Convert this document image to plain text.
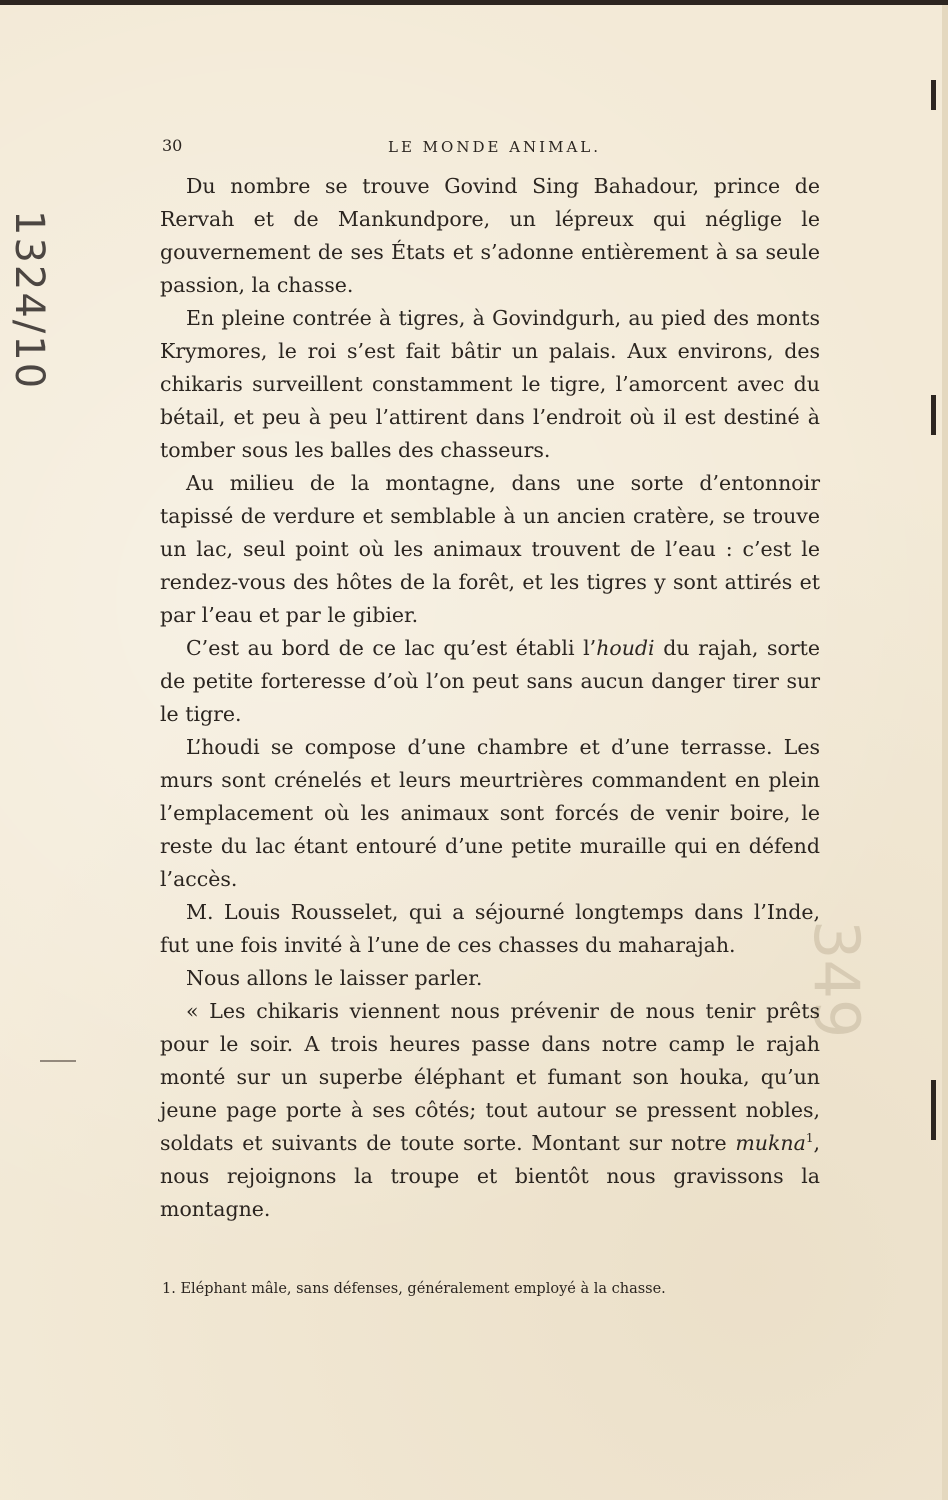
1324/10
349
30	LE MONDE ANIMAL.

Du nombre se trouve Govind Sing Bahadour, prince de Rervah et de Mankundpore, un lépreux qui néglige le gouvernement de ses États et s’adonne entièrement à sa seule passion, la chasse.

En pleine contrée à tigres, à Govindgurh, au pied des monts Krymores, le roi s’est fait bâtir un palais. Aux environs, des chikaris surveillent constamment le tigre, l’amorcent avec du bétail, et peu à peu l’attirent dans l’endroit où il est destiné à tomber sous les balles des chasseurs.

Au milieu de la montagne, dans une sorte d’entonnoir tapissé de verdure et semblable à un ancien cratère, se trouve un lac, seul point où les animaux trouvent de l’eau : c’est le rendez-vous des hôtes de la forêt, et les tigres y sont attirés et par l’eau et par le gibier.

C’est au bord de ce lac qu’est établi l’houdi du rajah, sorte de petite forteresse d’où l’on peut sans aucun danger tirer sur le tigre.

L’houdi se compose d’une chambre et d’une terrasse. Les murs sont crénelés et leurs meurtrières commandent en plein l’emplacement où les animaux sont forcés de venir boire, le reste du lac étant entouré d’une petite muraille qui en défend l’accès.

M. Louis Rousselet, qui a séjourné longtemps dans l’Inde, fut une fois invité à l’une de ces chasses du maharajah.

Nous allons le laisser parler.

« Les chikaris viennent nous prévenir de nous tenir prêts pour le soir. A trois heures passe dans notre camp le rajah monté sur un superbe éléphant et fumant son houka, qu’un jeune page porte à ses côtés; tout autour se pressent nobles, soldats et suivants de toute sorte. Montant sur notre mukna$^1$, nous rejoignons la troupe et bientôt nous gravissons la montagne.

1. Eléphant mâle, sans défenses, généralement employé à la chasse.
